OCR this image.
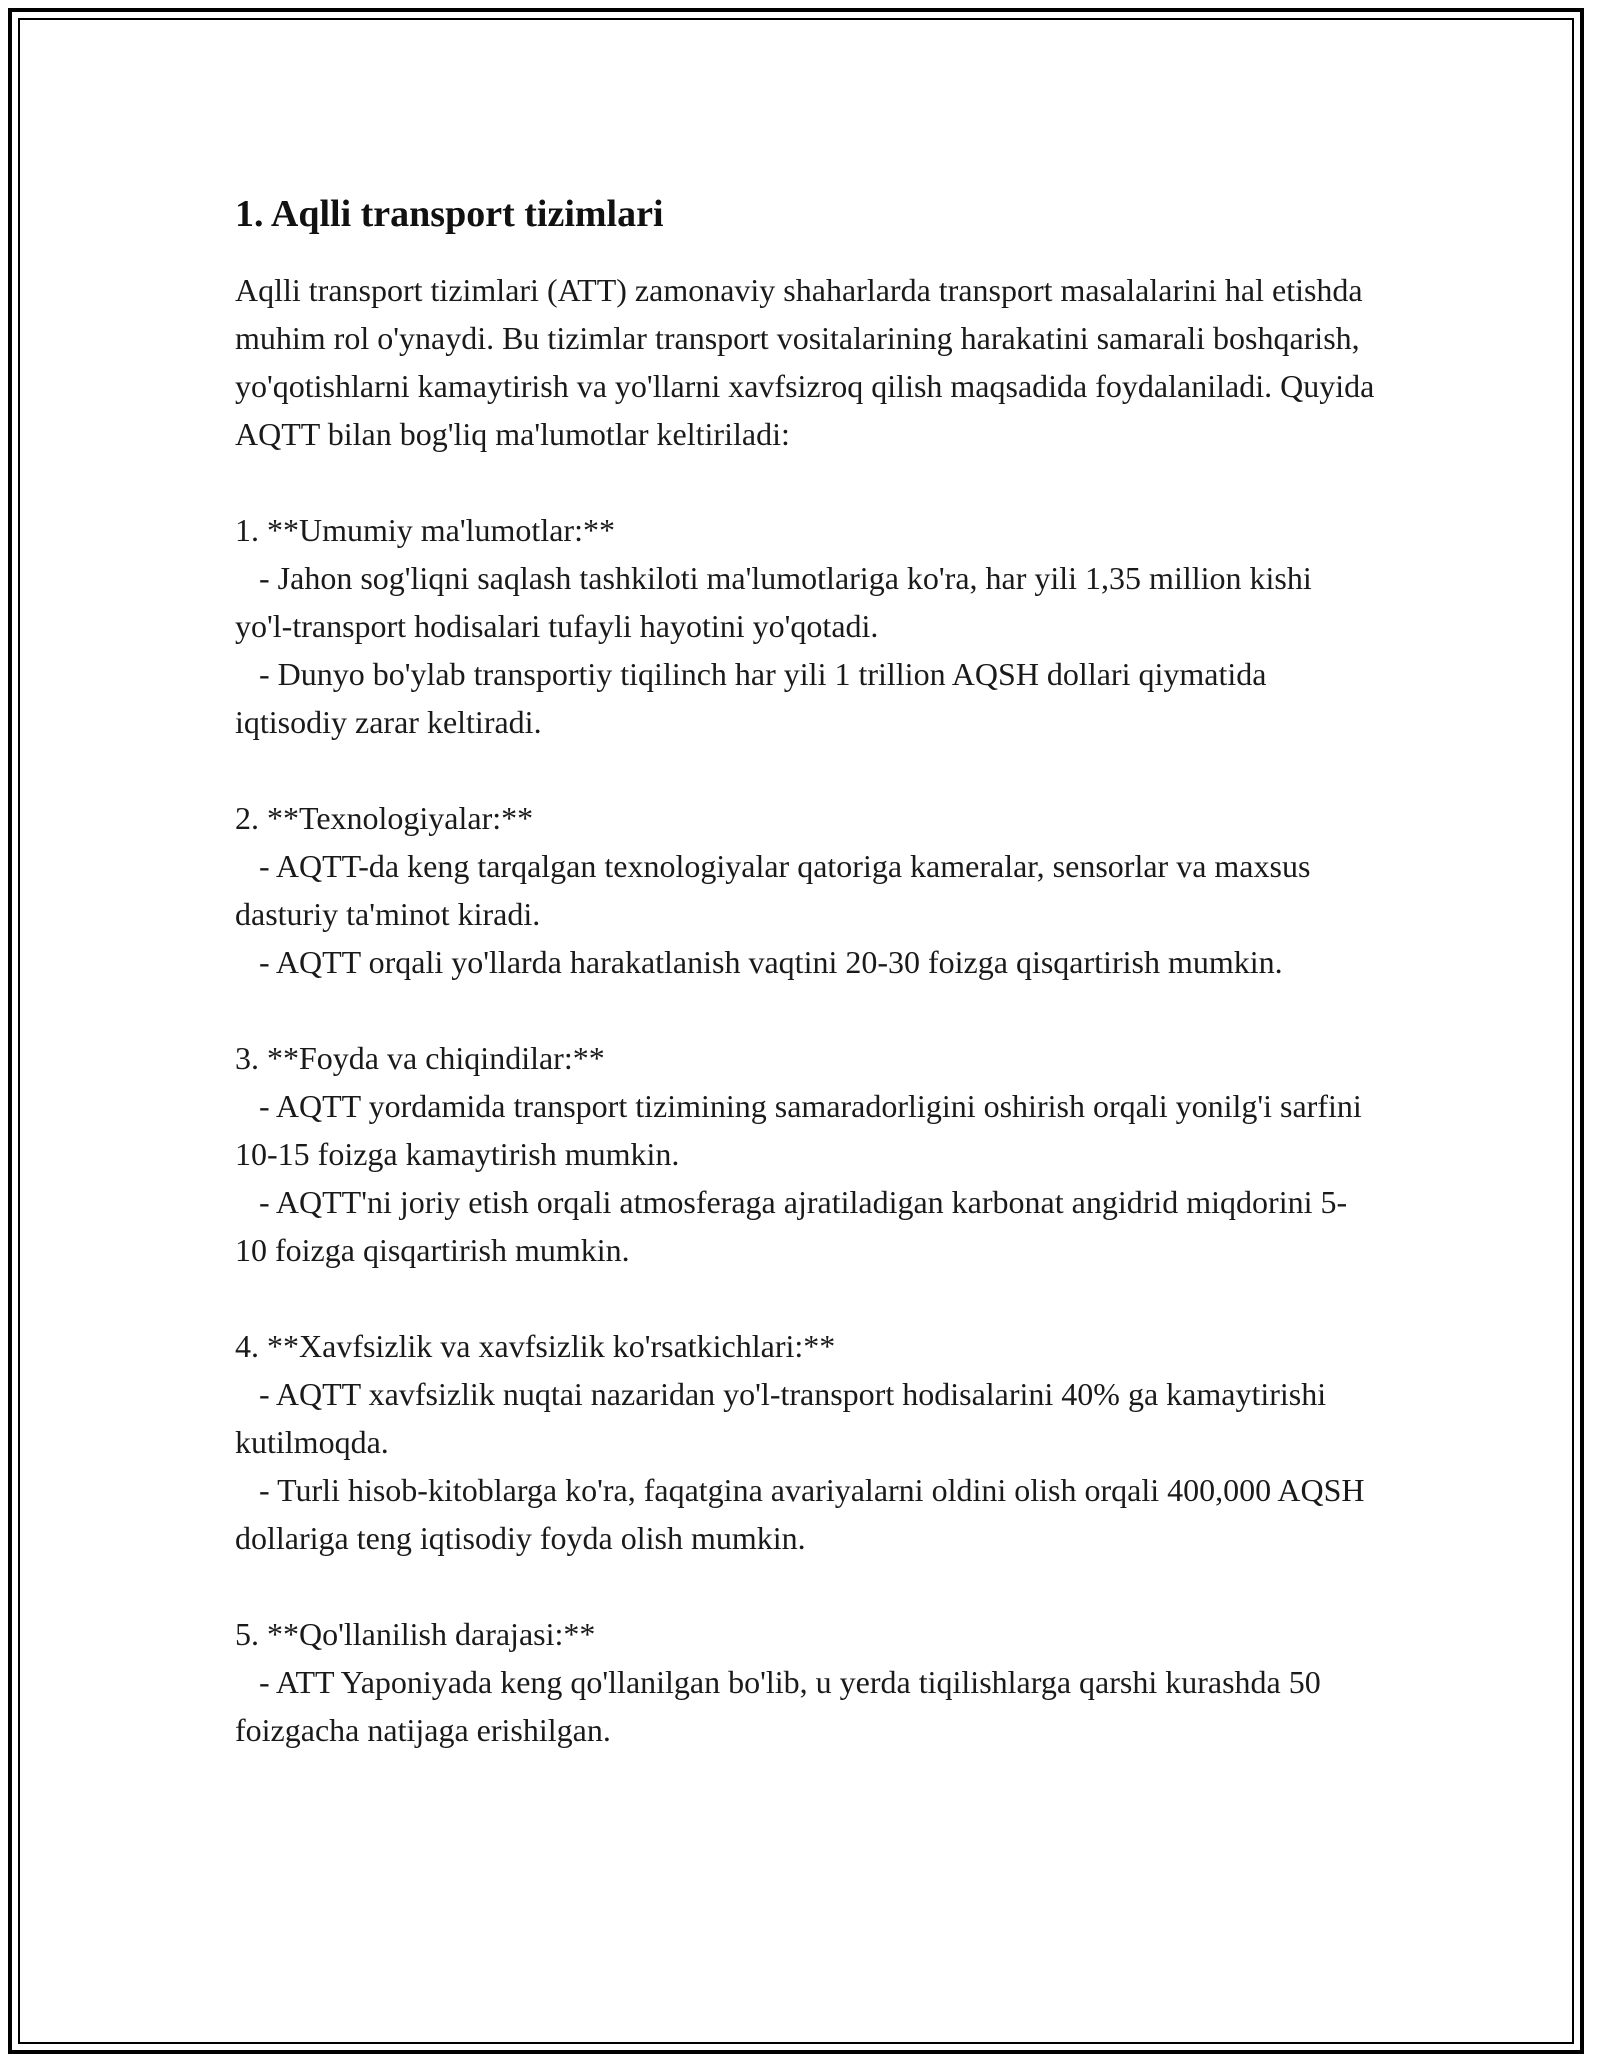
1. Aqlli transport tizimlari

Aqlli transport tizimlari (ATT) zamonaviy shaharlarda transport masalalarini hal etishda muhim rol o'ynaydi. Bu tizimlar transport vositalarining harakatini samarali boshqarish, yo'qotishlarni kamaytirish va yo'llarni xavfsizroq qilish maqsadida foydalaniladi. Quyida AQTT bilan bog'liq ma'lumotlar keltiriladi:

1. **Umumiy ma'lumotlar:**

- Jahon sog'liqni saqlash tashkiloti ma'lumotlariga ko'ra, har yili 1,35 million kishi yo'l-transport hodisalari tufayli hayotini yo'qotadi.

- Dunyo bo'ylab transportiy tiqilinch har yili 1 trillion AQSH dollari qiymatida iqtisodiy zarar keltiradi.

2. **Texnologiyalar:**

- AQTT-da keng tarqalgan texnologiyalar qatoriga kameralar, sensorlar va maxsus dasturiy ta'minot kiradi.

- AQTT orqali yo'llarda harakatlanish vaqtini 20-30 foizga qisqartirish mumkin.

3. **Foyda va chiqindilar:**

- AQTT yordamida transport tizimining samaradorligini oshirish orqali yonilg'i sarfini 10-15 foizga kamaytirish mumkin.

- AQTT'ni joriy etish orqali atmosferaga ajratiladigan karbonat angidrid miqdorini 5-10 foizga qisqartirish mumkin.

4. **Xavfsizlik va xavfsizlik ko'rsatkichlari:**

- AQTT xavfsizlik nuqtai nazaridan yo'l-transport hodisalarini 40% ga kamaytirishi kutilmoqda.

- Turli hisob-kitoblarga ko'ra, faqatgina avariyalarni oldini olish orqali 400,000 AQSH dollariga teng iqtisodiy foyda olish mumkin.

5. **Qo'llanilish darajasi:**

- ATT Yaponiyada keng qo'llanilgan bo'lib, u yerda tiqilishlarga qarshi kurashda 50 foizgacha natijaga erishilgan.
